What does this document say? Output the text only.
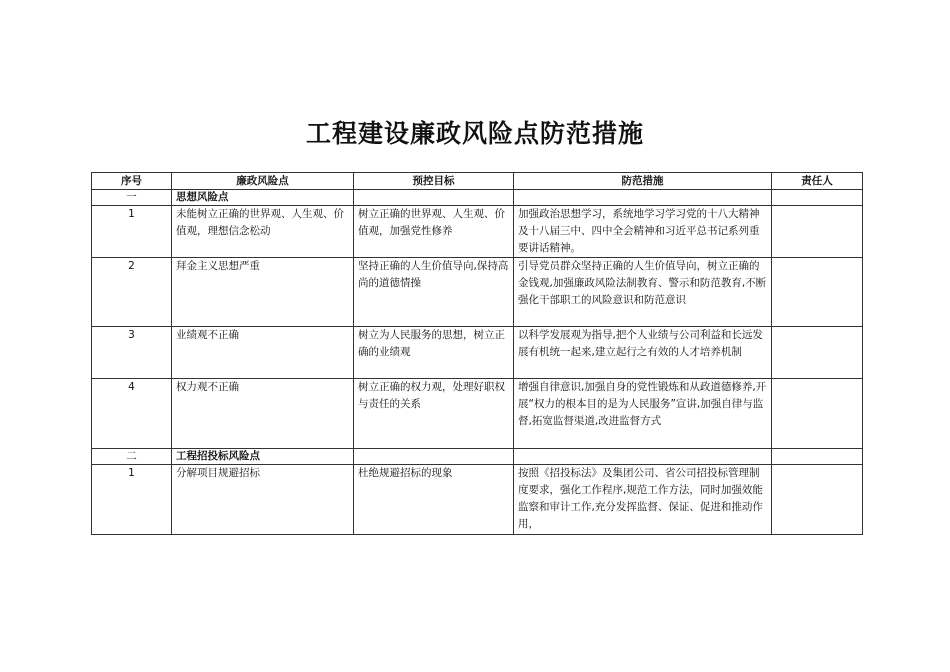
工程建设廉政风险点防范措施
序号	廉政风险点	预控目标	防范措施	责任人
一	思想风险点			
1	未能树立正确的世界观、人生观、价值观，理想信念松动	树立正确的世界观、人生观、价值观，加强党性修养	加强政治思想学习，系统地学习学习党的十八大精神及十八届三中、四中全会精神和习近平总书记系列重要讲话精神。	
2	拜金主义思想严重	坚持正确的人生价值导向,保持高尚的道德情操	引导党员群众坚持正确的人生价值导向，树立正确的金钱观,加强廉政风险法制教育、警示和防范教育,不断强化干部职工的风险意识和防范意识	
3	业绩观不正确	树立为人民服务的思想，树立正确的业绩观	以科学发展观为指导,把个人业绩与公司利益和长远发展有机统一起来,建立起行之有效的人才培养机制	
4	权力观不正确	树立正确的权力观，处理好职权与责任的关系	增强自律意识,加强自身的党性锻炼和从政道德修养,开展“权力的根本目的是为人民服务”宣讲,加强自律与监督,拓宽监督渠道,改进监督方式	
二	工程招投标风险点			
1	分解项目规避招标	杜绝规避招标的现象	按照《招投标法》及集团公司、省公司招投标管理制度要求，强化工作程序,规范工作方法，同时加强效能监察和审计工作,充分发挥监督、保证、促进和推动作用，	
